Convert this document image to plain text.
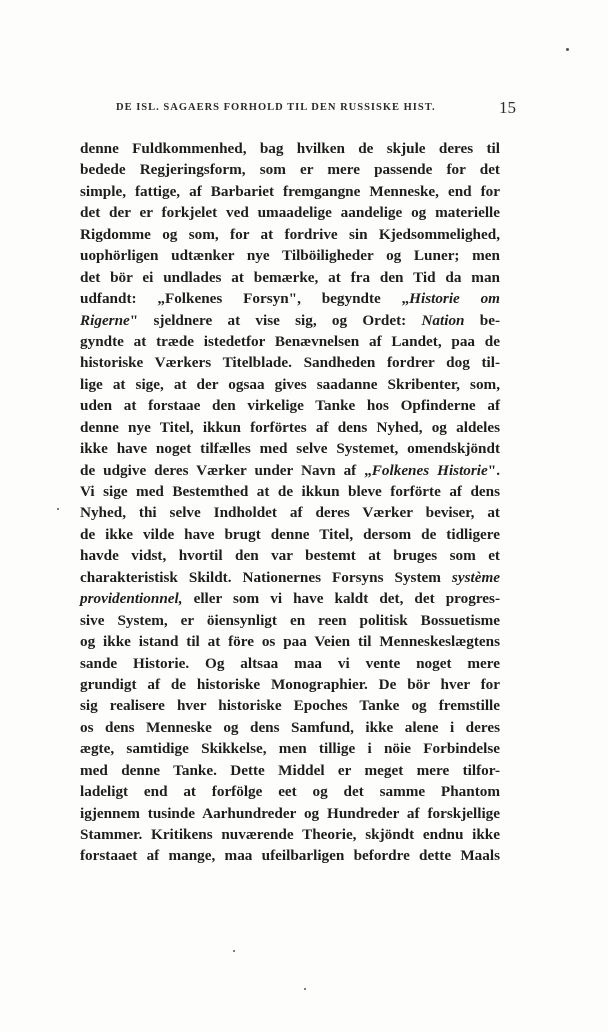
DE ISL. SAGAERS FORHOLD TIL DEN RUSSISKE HIST.	15
denne Fuldkommenhed, bag hvilken de skjule deres til
bedede Regjeringsform, som er mere passende for det
simple, fattige, af Barbariet fremgangne Menneske, end for
det der er forkjelet ved umaadelige aandelige og materielle
Rigdomme og som, for at fordrive sin Kjedsommelighed,
uophörligen udtænker nye Tilböiligheder og Luner; men
det bör ei undlades at bemærke, at fra den Tid da man
udfandt: „Folkenes Forsyn", begyndte „Historie om
Rigerne" sjeldnere at vise sig, og Ordet: Nation be-
gyndte at træde istedetfor Benævnelsen af Landet, paa de
historiske Værkers Titelblade. Sandheden fordrer dog til-
lige at sige, at der ogsaa gives saadanne Skribenter, som,
uden at forstaae den virkelige Tanke hos Opfinderne af
denne nye Titel, ikkun forförtes af dens Nyhed, og aldeles
ikke have noget tilfælles med selve Systemet, omendskjöndt
de udgive deres Værker under Navn af „Folkenes Historie".
Vi sige med Bestemthed at de ikkun bleve forförte af dens
Nyhed, thi selve Indholdet af deres Værker beviser, at
de ikke vilde have brugt denne Titel, dersom de tidligere
havde vidst, hvortil den var bestemt at bruges som et
charakteristisk Skildt. Nationernes Forsyns System système
providentionnel, eller som vi have kaldt det, det progres-
sive System, er öiensynligt en reen politisk Bossuetisme
og ikke istand til at före os paa Veien til Menneskeslægtens
sande Historie. Og altsaa maa vi vente noget mere
grundigt af de historiske Monographier. De bör hver for
sig realisere hver historiske Epoches Tanke og fremstille
os dens Menneske og dens Samfund, ikke alene i deres
ægte, samtidige Skikkelse, men tillige i nöie Forbindelse
med denne Tanke. Dette Middel er meget mere tilfor-
ladeligt end at forfölge eet og det samme Phantom
igjennem tusinde Aarhundreder og Hundreder af forskjellige
Stammer. Kritikens nuværende Theorie, skjöndt endnu ikke
forstaaet af mange, maa ufeilbarligen befordre dette Maals
